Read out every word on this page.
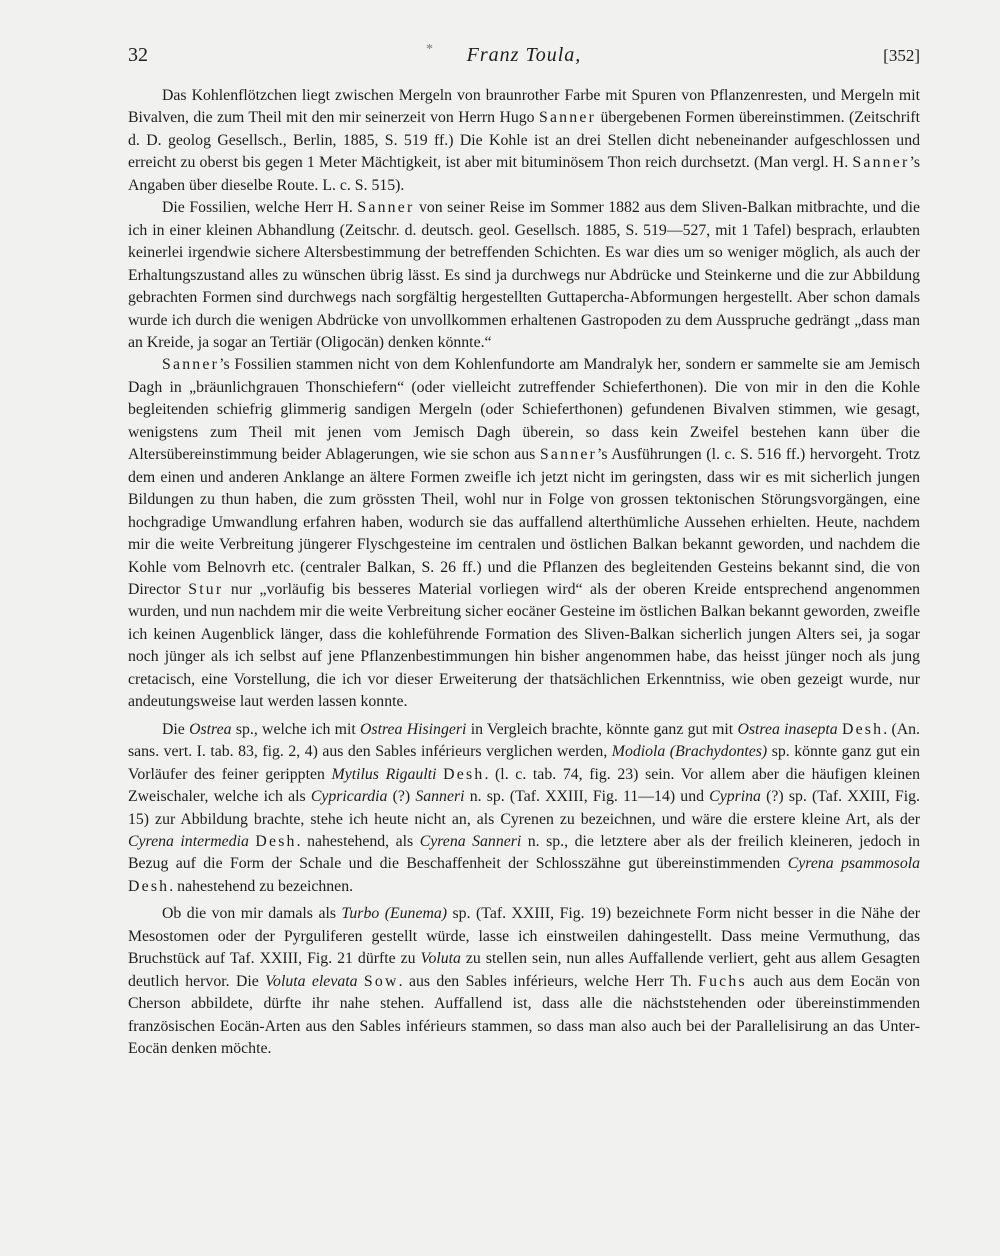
32	*	Franz Toula,	[352]

Das Kohlenflötzchen liegt zwischen Mergeln von braunrother Farbe mit Spuren von Pflanzenresten, und Mergeln mit Bivalven, die zum Theil mit den mir seinerzeit von Herrn Hugo Sanner übergebenen Formen übereinstimmen. (Zeitschrift d. D. geolog Gesellsch., Berlin, 1885, S. 519 ff.) Die Kohle ist an drei Stellen dicht nebeneinander aufgeschlossen und erreicht zu oberst bis gegen 1 Meter Mächtigkeit, ist aber mit bituminösem Thon reich durchsetzt. (Man vergl. H. Sanner’s Angaben über dieselbe Route. L. c. S. 515).

Die Fossilien, welche Herr H. Sanner von seiner Reise im Sommer 1882 aus dem Sliven-Balkan mitbrachte, und die ich in einer kleinen Abhandlung (Zeitschr. d. deutsch. geol. Gesellsch. 1885, S. 519—527, mit 1 Tafel) besprach, erlaubten keinerlei irgendwie sichere Altersbestimmung der betreffenden Schichten. Es war dies um so weniger möglich, als auch der Erhaltungszustand alles zu wünschen übrig lässt. Es sind ja durchwegs nur Abdrücke und Steinkerne und die zur Abbildung gebrachten Formen sind durchwegs nach sorgfältig hergestellten Guttapercha-Abformungen hergestellt. Aber schon damals wurde ich durch die wenigen Abdrücke von unvollkommen erhaltenen Gastropoden zu dem Ausspruche gedrängt „dass man an Kreide, ja sogar an Tertiär (Oligocän) denken könnte.“

Sanner’s Fossilien stammen nicht von dem Kohlenfundorte am Mandralyk her, sondern er sammelte sie am Jemisch Dagh in „bräunlichgrauen Thonschiefern“ (oder vielleicht zutreffender Schieferthonen). Die von mir in den die Kohle begleitenden schiefrig glimmerig sandigen Mergeln (oder Schieferthonen) gefundenen Bivalven stimmen, wie gesagt, wenigstens zum Theil mit jenen vom Jemisch Dagh überein, so dass kein Zweifel bestehen kann über die Altersübereinstimmung beider Ablagerungen, wie sie schon aus Sanner’s Ausführungen (l. c. S. 516 ff.) hervorgeht. Trotz dem einen und anderen Anklange an ältere Formen zweifle ich jetzt nicht im geringsten, dass wir es mit sicherlich jungen Bildungen zu thun haben, die zum grössten Theil, wohl nur in Folge von grossen tektonischen Störungsvorgängen, eine hochgradige Umwandlung erfahren haben, wodurch sie das auffallend alterthümliche Aussehen erhielten. Heute, nachdem mir die weite Verbreitung jüngerer Flyschgesteine im centralen und östlichen Balkan bekannt geworden, und nachdem die Kohle vom Belnovrh etc. (centraler Balkan, S. 26 ff.) und die Pflanzen des begleitenden Gesteins bekannt sind, die von Director Stur nur „vorläufig bis besseres Material vorliegen wird“ als der oberen Kreide entsprechend angenommen wurden, und nun nachdem mir die weite Verbreitung sicher eocäner Gesteine im östlichen Balkan bekannt geworden, zweifle ich keinen Augenblick länger, dass die kohleführende Formation des Sliven-Balkan sicherlich jungen Alters sei, ja sogar noch jünger als ich selbst auf jene Pflanzenbestimmungen hin bisher angenommen habe, das heisst jünger noch als jung cretacisch, eine Vorstellung, die ich vor dieser Erweiterung der thatsächlichen Erkenntniss, wie oben gezeigt wurde, nur andeutungsweise laut werden lassen konnte.

Die Ostrea sp., welche ich mit Ostrea Hisingeri in Vergleich brachte, könnte ganz gut mit Ostrea inasepta Desh. (An. sans. vert. I. tab. 83, fig. 2, 4) aus den Sables inférieurs verglichen werden, Modiola (Brachydontes) sp. könnte ganz gut ein Vorläufer des feiner gerippten Mytilus Rigaulti Desh. (l. c. tab. 74, fig. 23) sein. Vor allem aber die häufigen kleinen Zweischaler, welche ich als Cypricardia (?) Sanneri n. sp. (Taf. XXIII, Fig. 11—14) und Cyprina (?) sp. (Taf. XXIII, Fig. 15) zur Abbildung brachte, stehe ich heute nicht an, als Cyrenen zu bezeichnen, und wäre die erstere kleine Art, als der Cyrena intermedia Desh. nahestehend, als Cyrena Sanneri n. sp., die letztere aber als der freilich kleineren, jedoch in Bezug auf die Form der Schale und die Beschaffenheit der Schlosszähne gut übereinstimmenden Cyrena psammosola Desh. nahestehend zu bezeichnen.

Ob die von mir damals als Turbo (Eunema) sp. (Taf. XXIII, Fig. 19) bezeichnete Form nicht besser in die Nähe der Mesostomen oder der Pyrguliferen gestellt würde, lasse ich einstweilen dahingestellt. Dass meine Vermuthung, das Bruchstück auf Taf. XXIII, Fig. 21 dürfte zu Voluta zu stellen sein, nun alles Auffallende verliert, geht aus allem Gesagten deutlich hervor. Die Voluta elevata Sow. aus den Sables inférieurs, welche Herr Th. Fuchs auch aus dem Eocän von Cherson abbildete, dürfte ihr nahe stehen. Auffallend ist, dass alle die nächststehenden oder übereinstimmenden französischen Eocän-Arten aus den Sables inférieurs stammen, so dass man also auch bei der Parallelisirung an das Unter-Eocän denken möchte.
